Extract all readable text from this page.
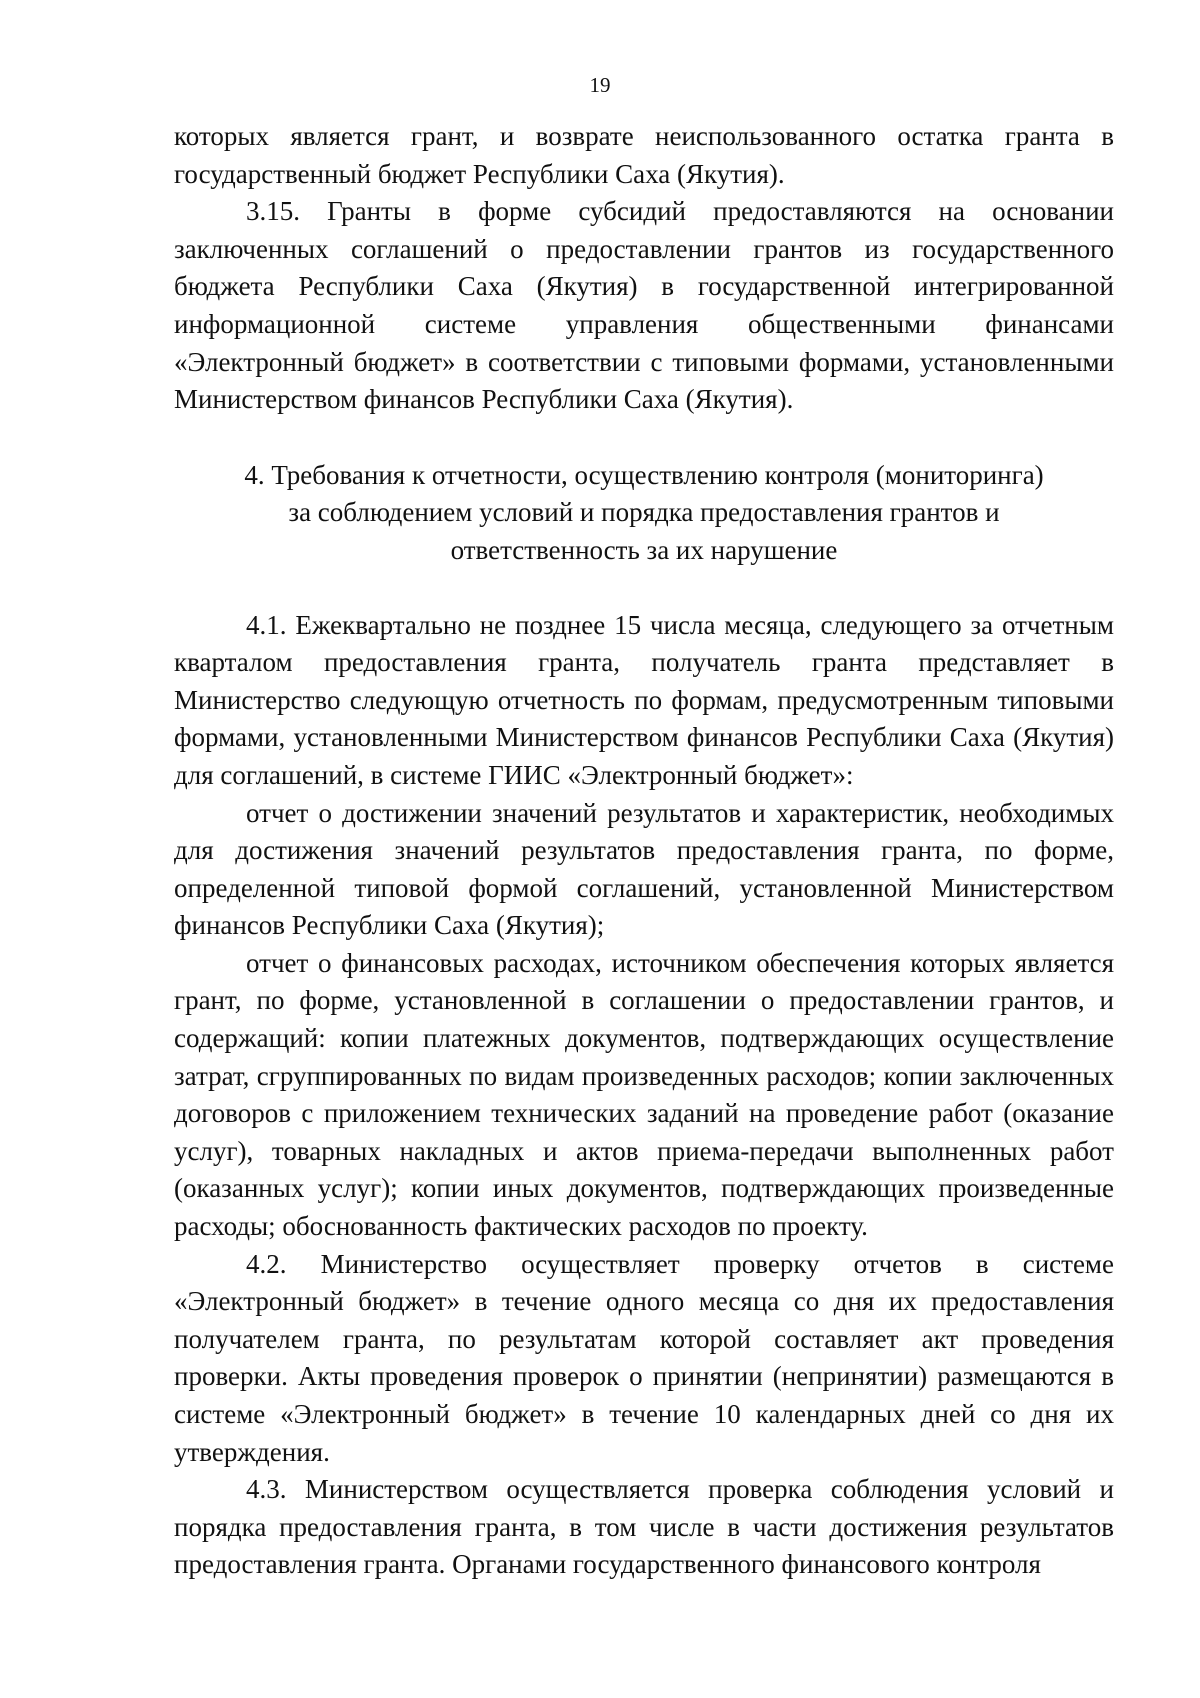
19

которых является грант, и возврате неиспользованного остатка гранта в государственный бюджет Республики Саха (Якутия).

3.15. Гранты в форме субсидий предоставляются на основании заключенных соглашений о предоставлении грантов из государственного бюджета Республики Саха (Якутия) в государственной интегрированной информационной системе управления общественными финансами «Электронный бюджет» в соответствии с типовыми формами, установленными Министерством финансов Республики Саха (Якутия).

4. Требования к отчетности, осуществлению контроля (мониторинга)
за соблюдением условий и порядка предоставления грантов и
ответственность за их нарушение

4.1. Ежеквартально не позднее 15 числа месяца, следующего за отчетным кварталом предоставления гранта, получатель гранта представляет в Министерство следующую отчетность по формам, предусмотренным типовыми формами, установленными Министерством финансов Республики Саха (Якутия) для соглашений, в системе ГИИС «Электронный бюджет»:

отчет о достижении значений результатов и характеристик, необходимых для достижения значений результатов предоставления гранта, по форме, определенной типовой формой соглашений, установленной Министерством финансов Республики Саха (Якутия);

отчет о финансовых расходах, источником обеспечения которых является грант, по форме, установленной в соглашении о предоставлении грантов, и содержащий: копии платежных документов, подтверждающих осуществление затрат, сгруппированных по видам произведенных расходов; копии заключенных договоров с приложением технических заданий на проведение работ (оказание услуг), товарных накладных и актов приема-передачи выполненных работ (оказанных услуг); копии иных документов, подтверждающих произведенные расходы; обоснованность фактических расходов по проекту.

4.2. Министерство осуществляет проверку отчетов в системе «Электронный бюджет» в течение одного месяца со дня их предоставления получателем гранта, по результатам которой составляет акт проведения проверки. Акты проведения проверок о принятии (непринятии) размещаются в системе «Электронный бюджет» в течение 10 календарных дней со дня их утверждения.

4.3. Министерством осуществляется проверка соблюдения условий и порядка предоставления гранта, в том числе в части достижения результатов предоставления гранта. Органами государственного финансового контроля
